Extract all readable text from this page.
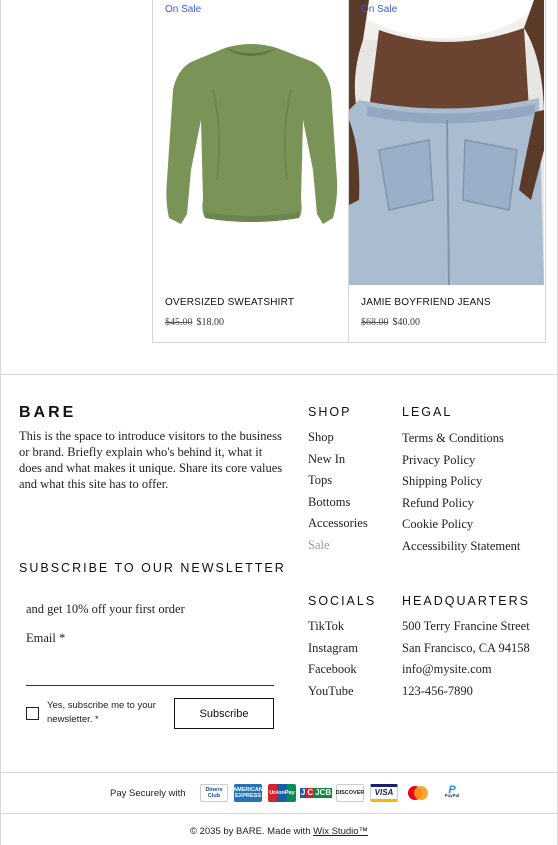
On Sale
OVERSIZED SWEATSHIRT
$45.00 $18.00
On Sale
JAMIE BOYFRIEND JEANS
$68.00 $40.00
BARE

This is the space to introduce visitors to the business or brand. Briefly explain who's behind it, what it does and what makes it unique. Share its core values and what this site has to offer.

SHOP
Shop
New In
Tops
Bottoms
Accessories
Sale
LEGAL
Terms & Conditions
Privacy Policy
Shipping Policy
Refund Policy
Cookie Policy
Accessibility Statement
SOCIALS
TikTok
Instagram
Facebook
YouTube
HEADQUARTERS
500 Terry Francine Street
San Francisco, CA 94158
info@mysite.com
123-456-7890
SUBSCRIBE TO OUR NEWSLETTER
and get 10% off your first order
Email *
Yes, subscribe me to your newsletter. *	Subscribe
Pay Securely with	Diners Club
AMERICAN EXPRESS UnionPay J C JCB DISCOVER	VISA	P
PayPal
© 2035 by BARE. Made with Wix Studio™
